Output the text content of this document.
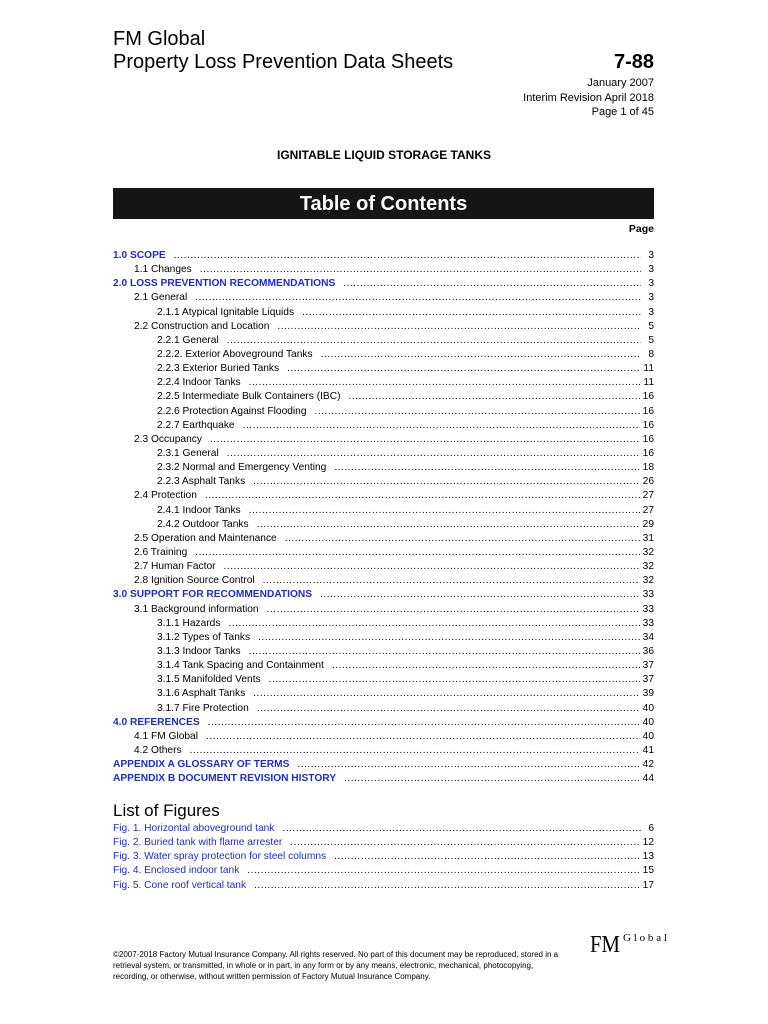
FM Global
Property Loss Prevention Data Sheets	7-88
January 2007
Interim Revision April 2018
Page 1 of 45
IGNITABLE LIQUID STORAGE TANKS
Table of Contents
Page
1.0 SCOPE .....	3
1.1 Changes .....	3
2.0 LOSS PREVENTION RECOMMENDATIONS .....	3
2.1 General .....	3
2.1.1 Atypical Ignitable Liquids .....	3
2.2 Construction and Location .....	5
2.2.1 General .....	5
2.2.2. Exterior Aboveground Tanks .....	8
2.2.3 Exterior Buried Tanks .....	11
2.2.4 Indoor Tanks .....	11
2.2.5 Intermediate Bulk Containers (IBC) .....	16
2.2.6 Protection Against Flooding .....	16
2.2.7 Earthquake .....	16
2.3 Occupancy .....	16
2.3.1 General .....	16
2.3.2 Normal and Emergency Venting .....	18
2.2.3 Asphalt Tanks .....	26
2.4 Protection .....	27
2.4.1 Indoor Tanks .....	27
2.4.2 Outdoor Tanks .....	29
2.5 Operation and Maintenance .....	31
2.6 Training .....	32
2.7 Human Factor .....	32
2.8 Ignition Source Control .....	32
3.0 SUPPORT FOR RECOMMENDATIONS .....	33
3.1 Background information .....	33
3.1.1 Hazards .....	33
3.1.2 Types of Tanks .....	34
3.1.3 Indoor Tanks .....	36
3.1.4 Tank Spacing and Containment .....	37
3.1.5 Manifolded Vents .....	37
3.1.6 Asphalt Tanks .....	39
3.1.7 Fire Protection .....	40
4.0 REFERENCES .....	40
4.1 FM Global .....	40
4.2 Others .....	41
APPENDIX A GLOSSARY OF TERMS .....	42
APPENDIX B DOCUMENT REVISION HISTORY .....	44
List of Figures
Fig. 1. Horizontal aboveground tank .....	6
Fig. 2. Buried tank with flame arrester .....	12
Fig. 3. Water spray protection for steel columns .....	13
Fig. 4. Enclosed indoor tank .....	15
Fig. 5. Cone roof vertical tank .....	17
©2007-2018 Factory Mutual Insurance Company. All rights reserved. No part of this document may be reproduced, stored in a retrieval system, or transmitted, in whole or in part, in any form or by any means, electronic, mechanical, photocopying, recording, or otherwise, without written permission of Factory Mutual Insurance Company.
FM Global
